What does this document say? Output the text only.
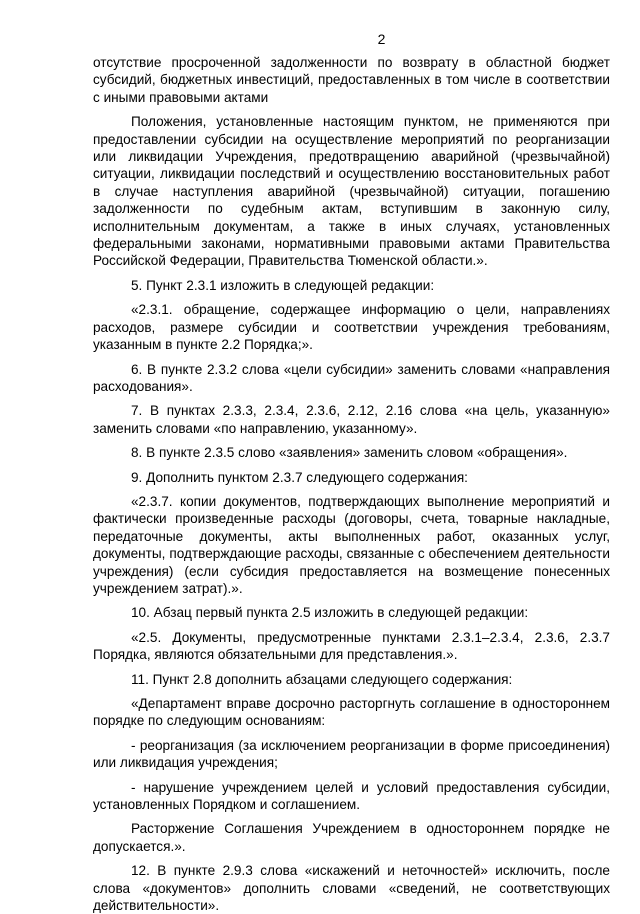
2

отсутствие просроченной задолженности по возврату в областной бюджет субсидий, бюджетных инвестиций, предоставленных в том числе в соответствии с иными правовыми актами

Положения, установленные настоящим пунктом, не применяются при предоставлении субсидии на осуществление мероприятий по реорганизации или ликвидации Учреждения, предотвращению аварийной (чрезвычайной) ситуации, ликвидации последствий и осуществлению восстановительных работ в случае наступления аварийной (чрезвычайной) ситуации, погашению задолженности по судебным актам, вступившим в законную силу, исполнительным документам, а также в иных случаях, установленных федеральными законами, нормативными правовыми актами Правительства Российской Федерации, Правительства Тюменской области.».

5. Пункт 2.3.1 изложить в следующей редакции:

«2.3.1. обращение, содержащее информацию о цели, направлениях расходов, размере субсидии и соответствии учреждения требованиям, указанным в пункте 2.2 Порядка;».

6. В пункте 2.3.2 слова «цели субсидии» заменить словами «направления расходования».

7. В пунктах 2.3.3, 2.3.4, 2.3.6, 2.12, 2.16 слова «на цель, указанную» заменить словами «по направлению, указанному».

8. В пункте 2.3.5 слово «заявления» заменить словом «обращения».

9. Дополнить пунктом 2.3.7 следующего содержания:

«2.3.7. копии документов, подтверждающих выполнение мероприятий и фактически произведенные расходы (договоры, счета, товарные накладные, передаточные документы, акты выполненных работ, оказанных услуг, документы, подтверждающие расходы, связанные с обеспечением деятельности учреждения) (если субсидия предоставляется на возмещение понесенных учреждением затрат).».

10. Абзац первый пункта 2.5 изложить в следующей редакции:

«2.5. Документы, предусмотренные пунктами 2.3.1–2.3.4, 2.3.6, 2.3.7 Порядка, являются обязательными для представления.».

11. Пункт 2.8 дополнить абзацами следующего содержания:

«Департамент вправе досрочно расторгнуть соглашение в одностороннем порядке по следующим основаниям:

- реорганизация (за исключением реорганизации в форме присоединения) или ликвидация учреждения;

- нарушение учреждением целей и условий предоставления субсидии, установленных Порядком и соглашением.

Расторжение Соглашения Учреждением в одностороннем порядке не допускается.».

12. В пункте 2.9.3 слова «искажений и неточностей» исключить, после слова «документов» дополнить словами «сведений, не соответствующих действительности».
